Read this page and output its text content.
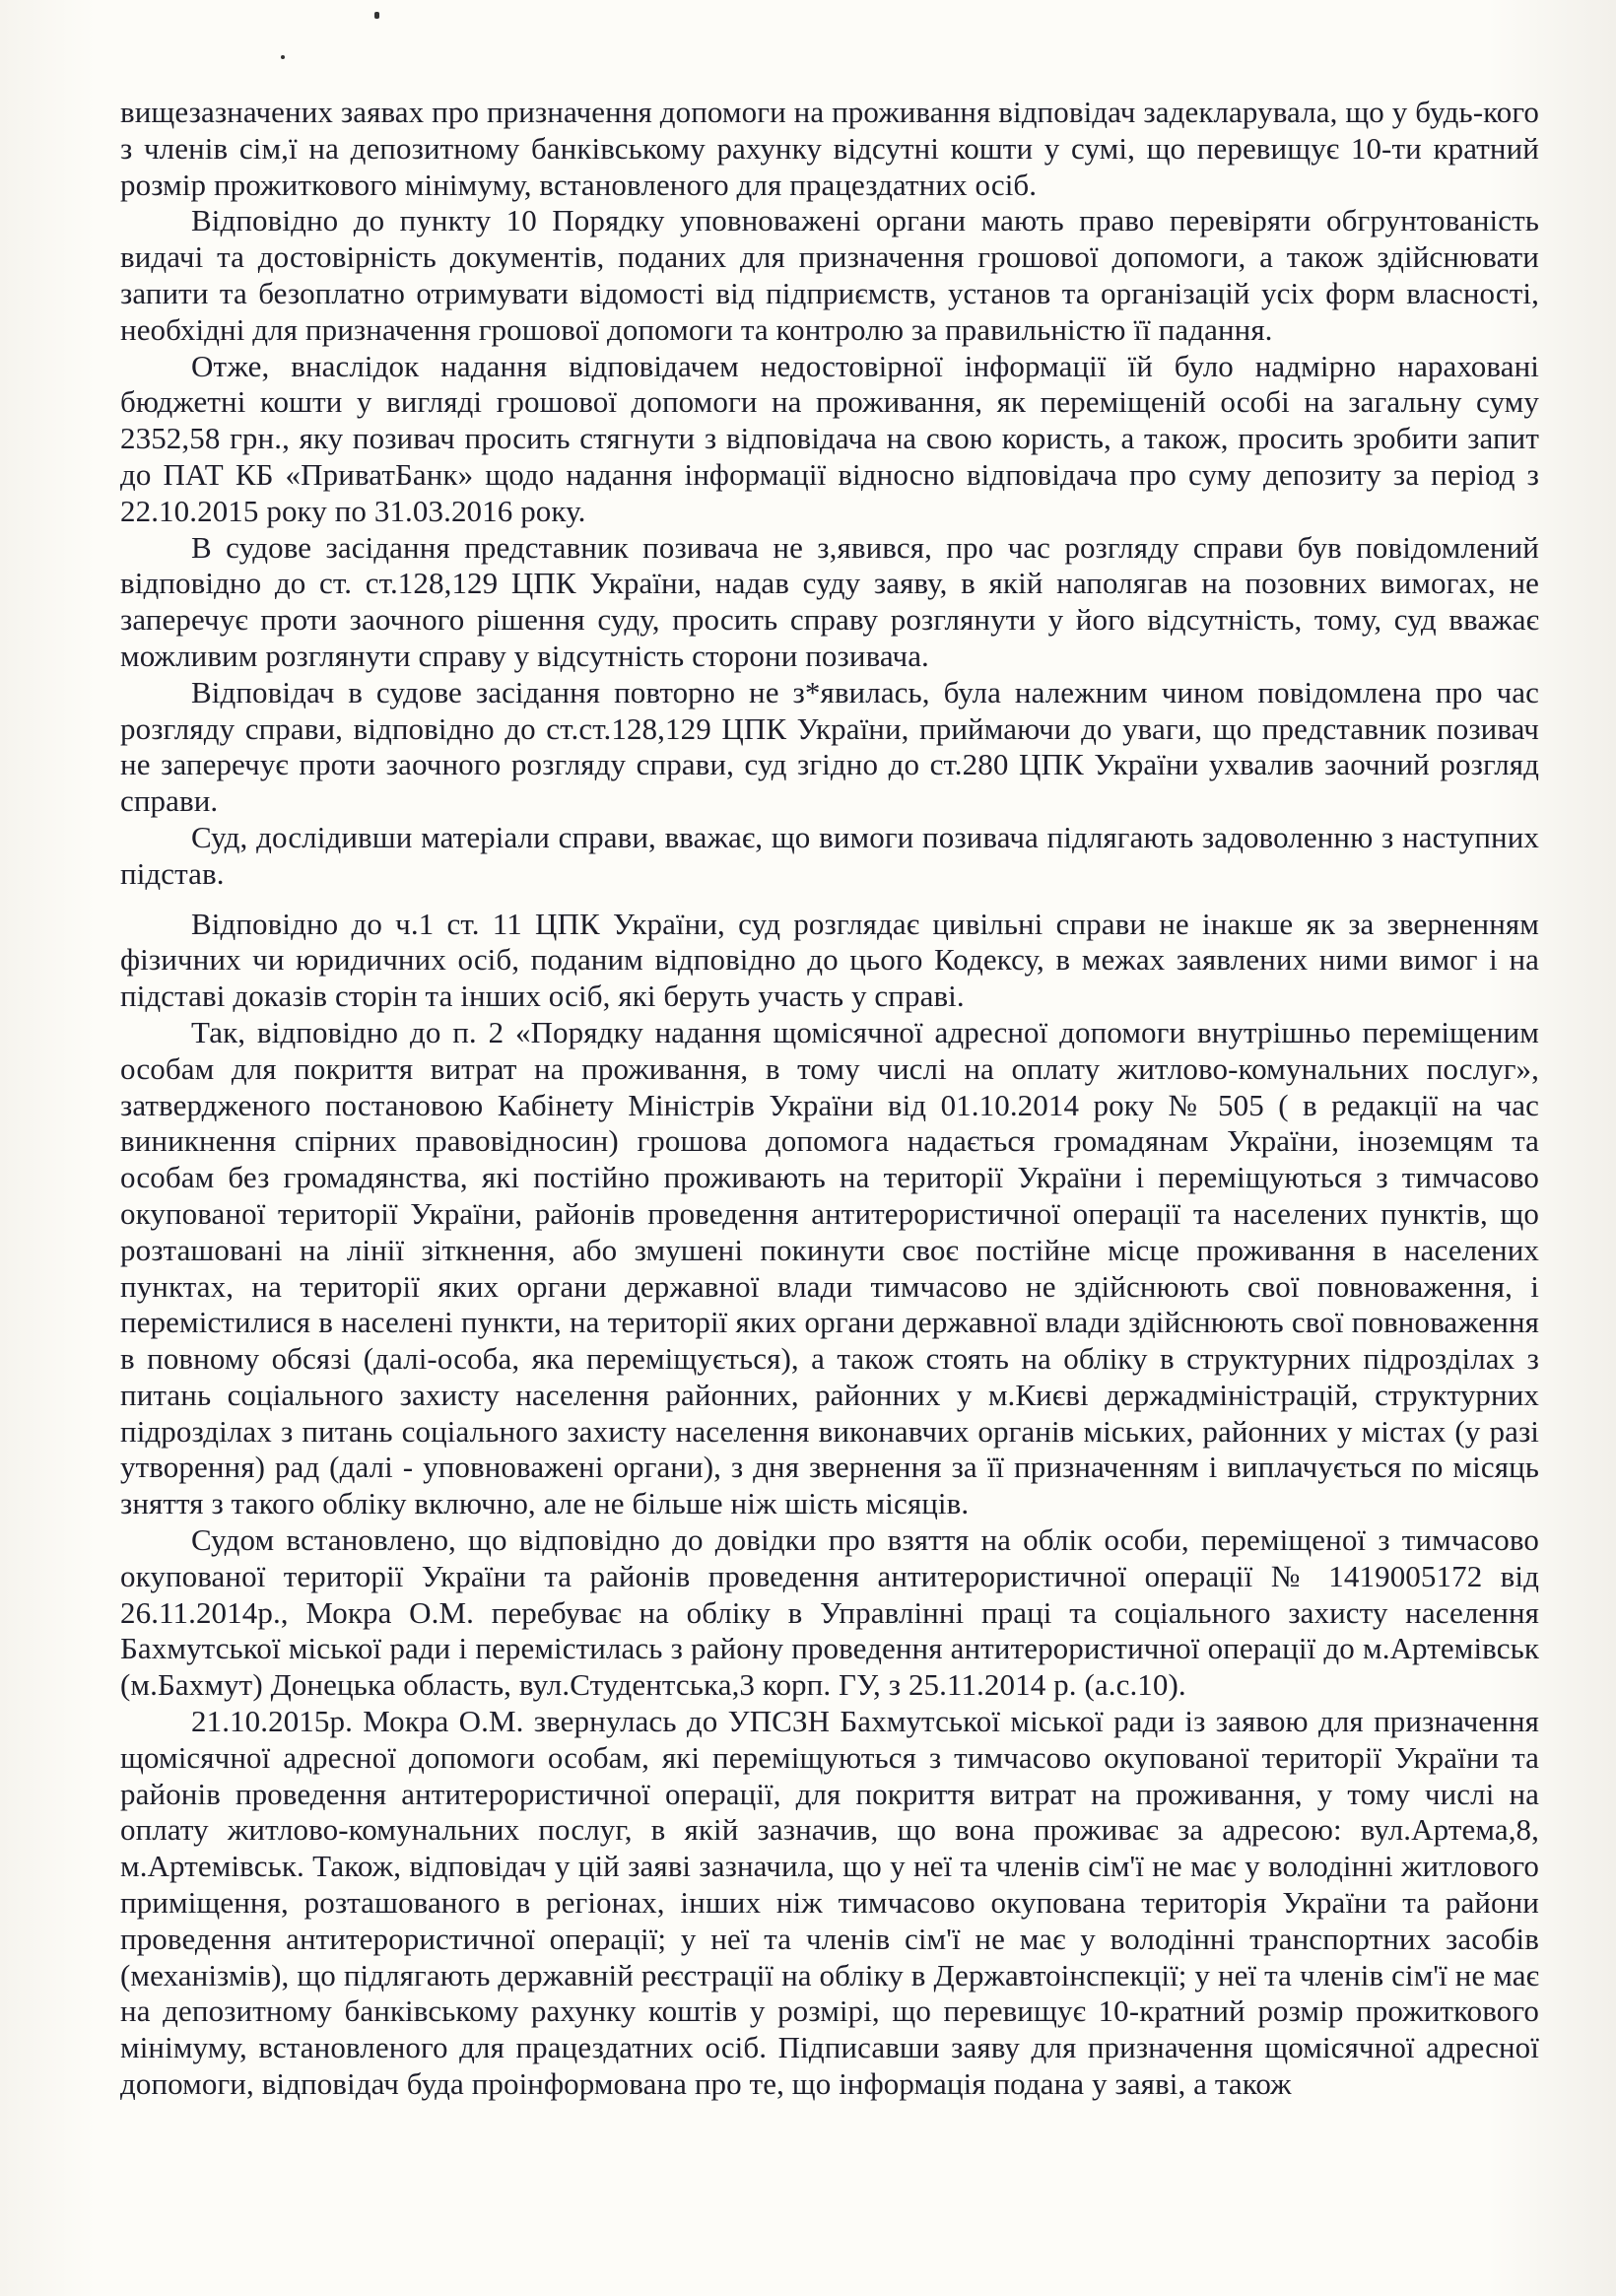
вищезазначених заявах про призначення допомоги на проживання відповідач задекларувала, що у будь-кого з членів сім,ї на депозитному банківському рахунку відсутні кошти у сумі, що перевищує 10-ти кратний розмір прожиткового мінімуму, встановленого для працездатних осіб.

Відповідно до пункту 10 Порядку уповноважені органи мають право перевіряти обгрунтованість видачі та достовірність документів, поданих для призначення грошової допомоги, а також здійснювати запити та безоплатно отримувати відомості від підприємств, установ та організацій усіх форм власності, необхідні для призначення грошової допомоги та контролю за правильністю її падання.

Отже, внаслідок надання відповідачем недостовірної інформації їй було надмірно нараховані бюджетні кошти у вигляді грошової допомоги на проживання, як переміщеній особі на загальну суму 2352,58 грн., яку позивач просить стягнути з відповідача на свою користь, а також, просить зробити запит до ПАТ КБ «ПриватБанк» щодо надання інформації відносно відповідача про суму депозиту за період з 22.10.2015 року по 31.03.2016 року.

В судове засідання представник позивача не з,явився, про час розгляду справи був повідомлений відповідно до ст. ст.128,129 ЦПК України, надав суду заяву, в якій наполягав на позовних вимогах, не заперечує проти заочного рішення суду, просить справу розглянути у його відсутність, тому, суд вважає можливим розглянути справу у відсутність сторони позивача.

Відповідач в судове засідання повторно не з*явилась, була належним чином повідомлена про час розгляду справи, відповідно до ст.ст.128,129 ЦПК України, приймаючи до уваги, що представник позивач не заперечує проти заочного розгляду справи, суд згідно до ст.280 ЦПК України ухвалив заочний розгляд справи.

Суд, дослідивши матеріали справи, вважає, що вимоги позивача підлягають задоволенню з наступних підстав.

Відповідно до ч.1 ст. 11 ЦПК України, суд розглядає цивільні справи не інакше як за зверненням фізичних чи юридичних осіб, поданим відповідно до цього Кодексу, в межах заявлених ними вимог і на підставі доказів сторін та інших осіб, які беруть участь у справі.

Так, відповідно до п. 2 «Порядку надання щомісячної адресної допомоги внутрішньо переміщеним особам для покриття витрат на проживання, в тому числі на оплату житлово-комунальних послуг», затвердженого постановою Кабінету Міністрів України від 01.10.2014 року № 505 ( в редакції на час виникнення спірних правовідносин) грошова допомога надається громадянам України, іноземцям та особам без громадянства, які постійно проживають на території України і переміщуються з тимчасово окупованої території України, районів проведення антитерористичної операції та населених пунктів, що розташовані на лінії зіткнення, або змушені покинути своє постійне місце проживання в населених пунктах, на території яких органи державної влади тимчасово не здійснюють свої повноваження, і перемістилися в населені пункти, на території яких органи державної влади здійснюють свої повноваження в повному обсязі (далі-особа, яка переміщується), а також стоять на обліку в структурних підрозділах з питань соціального захисту населення районних, районних у м.Києві держадміністрацій, структурних підрозділах з питань соціального захисту населення виконавчих органів міських, районних у містах (у разі утворення) рад (далі - уповноважені органи), з дня звернення за її призначенням і виплачується по місяць зняття з такого обліку включно, але не більше ніж шість місяців.

Судом встановлено, що відповідно до довідки про взяття на облік особи, переміщеної з тимчасово окупованої території України та районів проведення антитерористичної операції № 1419005172 від 26.11.2014р., Мокра О.М. перебуває на обліку в Управлінні праці та соціального захисту населення Бахмутської міської ради і перемістилась з району проведення антитерористичної операції до м.Артемівськ (м.Бахмут) Донецька область, вул.Студентська,3 корп. ГУ, з 25.11.2014 р. (а.с.10).

21.10.2015р. Мокра О.М. звернулась до УПСЗН Бахмутської міської ради із заявою для призначення щомісячної адресної допомоги особам, які переміщуються з тимчасово окупованої території України та районів проведення антитерористичної операції, для покриття витрат на проживання, у тому числі на оплату житлово-комунальних послуг, в якій зазначив, що вона проживає за адресою: вул.Артема,8, м.Артемівськ. Також, відповідач у цій заяві зазначила, що у неї та членів сім'ї не має у володінні житлового приміщення, розташованого в регіонах, інших ніж тимчасово окупована територія України та райони проведення антитерористичної операції; у неї та членів сім'ї не має у володінні транспортних засобів (механізмів), що підлягають державній реєстрації на обліку в Державтоінспекції; у неї та членів сім'ї не має на депозитному банківському рахунку коштів у розмірі, що перевищує 10-кратний розмір прожиткового мінімуму, встановленого для працездатних осіб. Підписавши заяву для призначення щомісячної адресної допомоги, відповідач буда проінформована про те, що інформація подана у заяві, а також
